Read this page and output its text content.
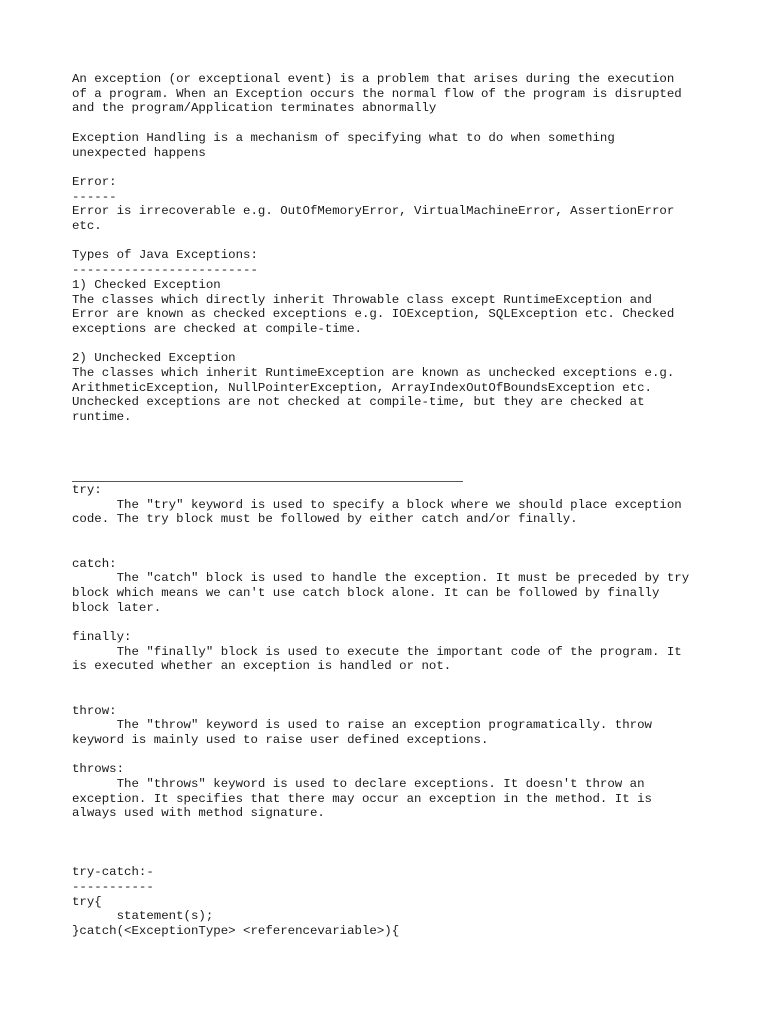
An exception (or exceptional event) is a problem that arises during the execution
of a program. When an Exception occurs the normal flow of the program is disrupted
and the program/Application terminates abnormally

Exception Handling is a mechanism of specifying what to do when something
unexpected happens

Error:
------
Error is irrecoverable e.g. OutOfMemoryError, VirtualMachineError, AssertionError
etc.

Types of Java Exceptions:
-------------------------
1) Checked Exception
The classes which directly inherit Throwable class except RuntimeException and
Error are known as checked exceptions e.g. IOException, SQLException etc. Checked
exceptions are checked at compile-time.

2) Unchecked Exception
The classes which inherit RuntimeException are known as unchecked exceptions e.g.
ArithmeticException, NullPointerException, ArrayIndexOutOfBoundsException etc.
Unchecked exceptions are not checked at compile-time, but they are checked at
runtime.
try:
The "try" keyword is used to specify a block where we should place exception
code. The try block must be followed by either catch and/or finally.

catch:
The "catch" block is used to handle the exception. It must be preceded by try
block which means we can't use catch block alone. It can be followed by finally
block later.

finally:
The "finally" block is used to execute the important code of the program. It
is executed whether an exception is handled or not.

throw:
The "throw" keyword is used to raise an exception programatically. throw
keyword is mainly used to raise user defined exceptions.

throws:
The "throws" keyword is used to declare exceptions. It doesn't throw an
exception. It specifies that there may occur an exception in the method. It is
always used with method signature.

try-catch:-
-----------
try{
statement(s);
}catch(<ExceptionType> <referencevariable>){
